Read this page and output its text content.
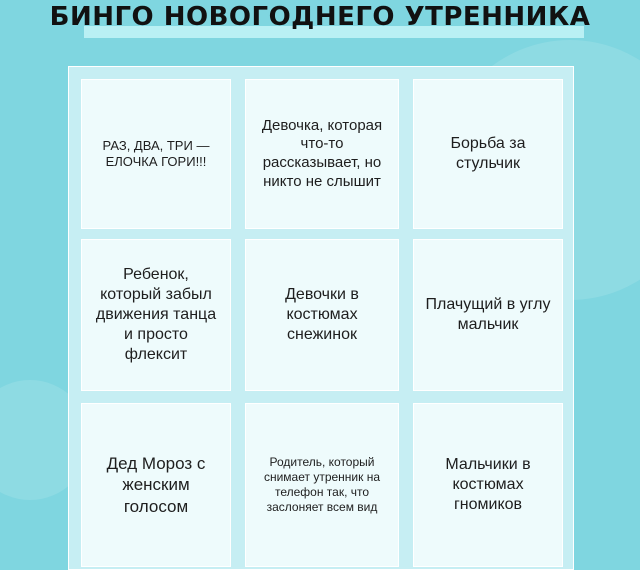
БИНГО НОВОГОДНЕГО УТРЕННИКА
РАЗ, ДВА, ТРИ — ЕЛОЧКА ГОРИ!!!
Девочка, которая что-то рассказывает, но никто не слышит
Борьба за стульчик
Ребенок, который забыл движения танца и просто флексит
Девочки в костюмах снежинок
Плачущий в углу мальчик
Дед Мороз с женским голосом
Родитель, который снимает утренник на телефон так, что заслоняет всем вид
Мальчики в костюмах гномиков
